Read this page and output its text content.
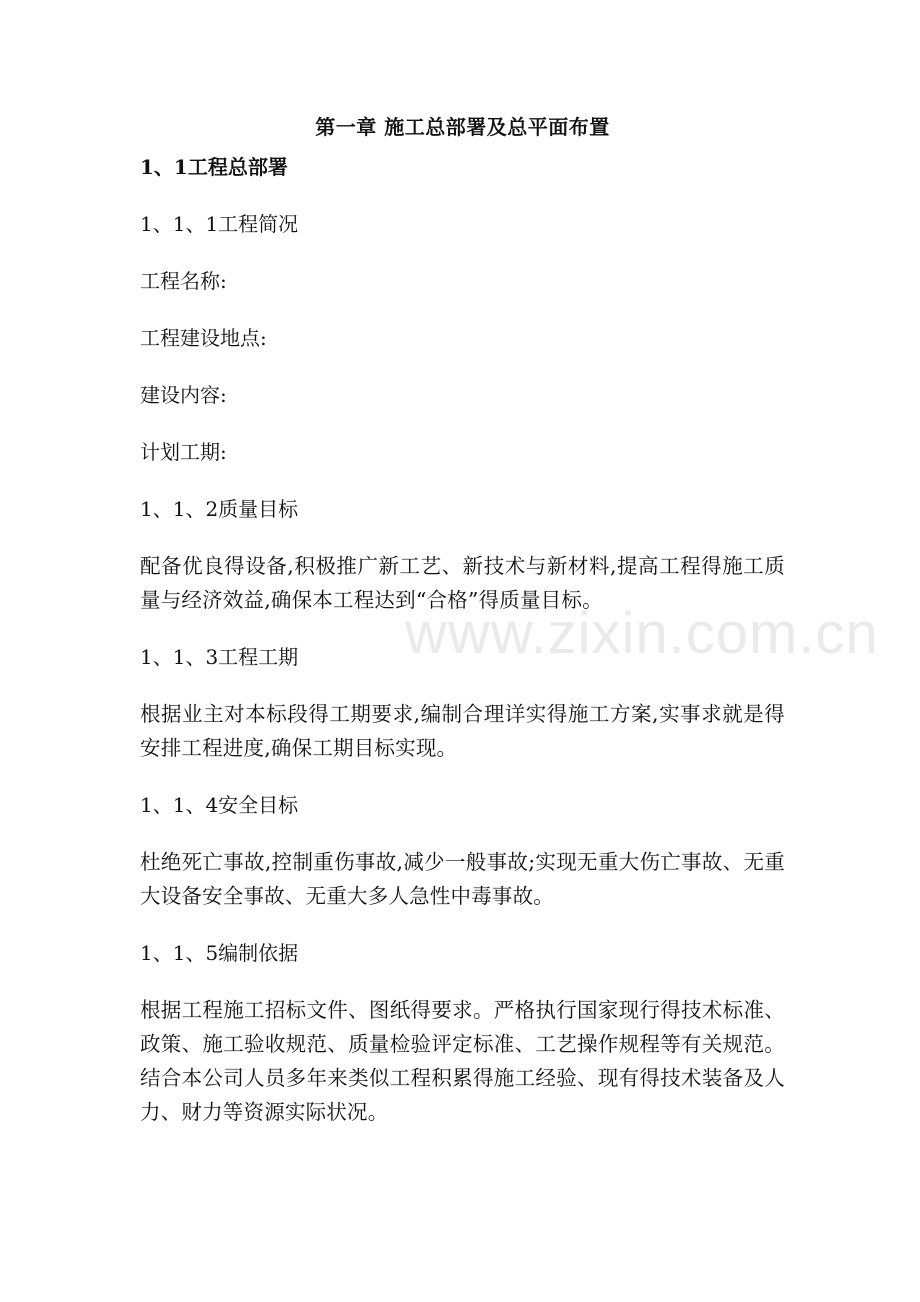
第一章 施工总部署及总平面布置
1、1工程总部署

1、1、1工程简况

工程名称:

工程建设地点:

建设内容:

计划工期:

1、1、2质量目标

配备优良得设备,积极推广新工艺、新技术与新材料,提高工程得施工质量与经济效益,确保本工程达到“合格”得质量目标。

1、1、3工程工期

根据业主对本标段得工期要求,编制合理详实得施工方案,实事求就是得安排工程进度,确保工期目标实现。

1、1、4安全目标

杜绝死亡事故,控制重伤事故,减少一般事故;实现无重大伤亡事故、无重大设备安全事故、无重大多人急性中毒事故。

1、1、5编制依据

根据工程施工招标文件、图纸得要求。严格执行国家现行得技术标准、政策、施工验收规范、质量检验评定标准、工艺操作规程等有关规范。结合本公司人员多年来类似工程积累得施工经验、现有得技术装备及人力、财力等资源实际状况。

www.zixin.com.cn
